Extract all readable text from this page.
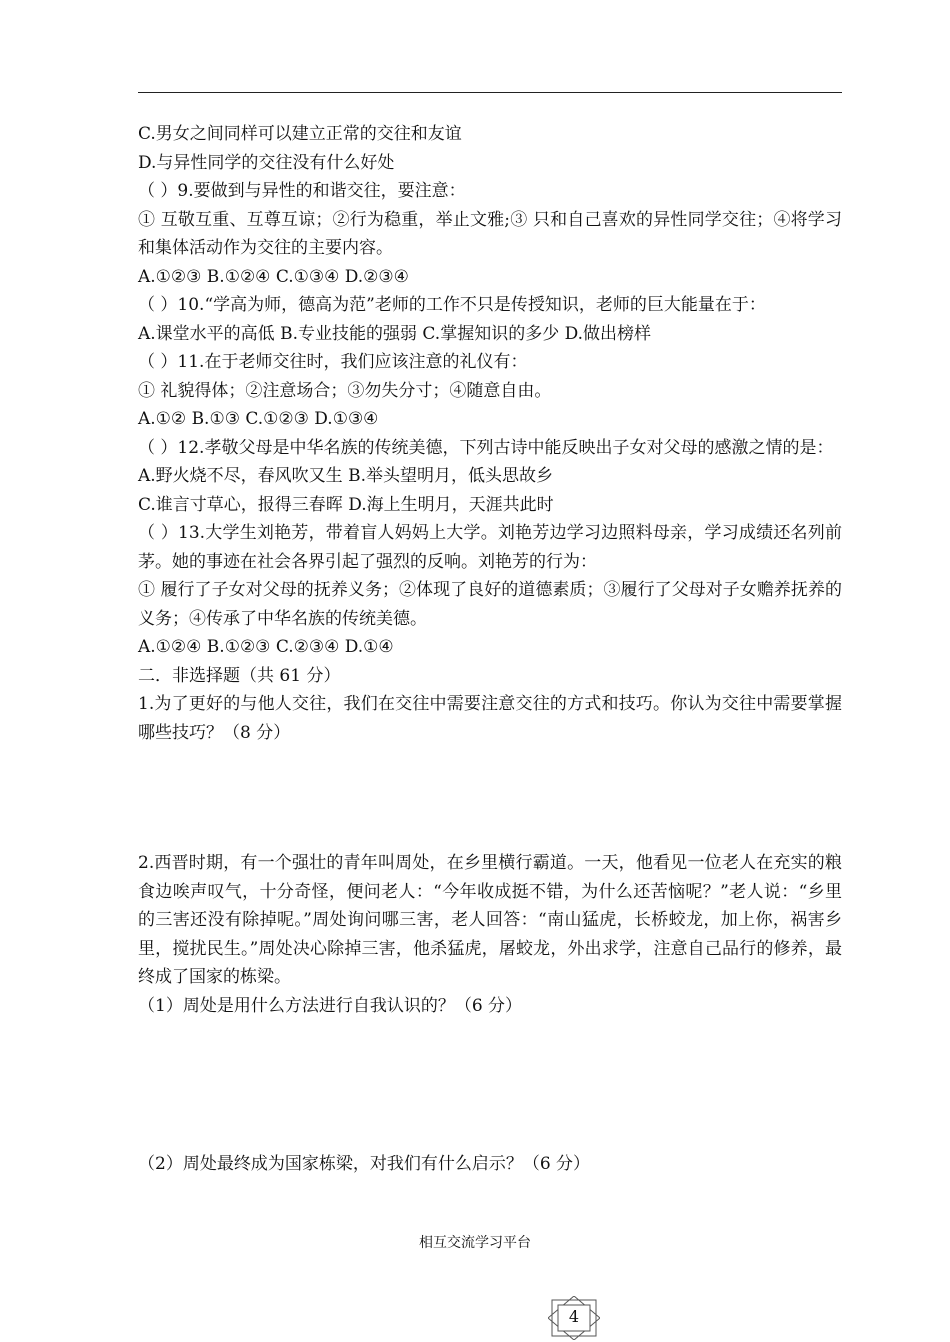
C.男女之间同样可以建立正常的交往和友谊

D.与异性同学的交往没有什么好处

（ ）9.要做到与异性的和谐交往，要注意：

① 互敬互重、互尊互谅；②行为稳重，举止文雅;③ 只和自己喜欢的异性同学交往；④将学习和集体活动作为交往的主要内容。

A.①②③ B.①②④ C.①③④ D.②③④

（ ）10.“学高为师，德高为范”老师的工作不只是传授知识，老师的巨大能量在于：

A.课堂水平的高低 B.专业技能的强弱 C.掌握知识的多少 D.做出榜样

（ ）11.在于老师交往时，我们应该注意的礼仪有：

① 礼貌得体；②注意场合；③勿失分寸；④随意自由。

A.①② B.①③ C.①②③ D.①③④

（ ）12.孝敬父母是中华名族的传统美德，下列古诗中能反映出子女对父母的感激之情的是：

A.野火烧不尽，春风吹又生 B.举头望明月，低头思故乡

C.谁言寸草心，报得三春晖 D.海上生明月，天涯共此时

（ ）13.大学生刘艳芳，带着盲人妈妈上大学。刘艳芳边学习边照料母亲，学习成绩还名列前茅。她的事迹在社会各界引起了强烈的反响。刘艳芳的行为：

① 履行了子女对父母的抚养义务；②体现了良好的道德素质；③履行了父母对子女赡养抚养的义务；④传承了中华名族的传统美德。

A.①②④ B.①②③ C.②③④ D.①④

二．非选择题（共 61 分）

1.为了更好的与他人交往，我们在交往中需要注意交往的方式和技巧。你认为交往中需要掌握哪些技巧？（8 分）

2.西晋时期，有一个强壮的青年叫周处，在乡里横行霸道。一天，他看见一位老人在充实的粮食边唉声叹气，十分奇怪，便问老人：“今年收成挺不错，为什么还苦恼呢？”老人说：“乡里的三害还没有除掉呢。”周处询问哪三害，老人回答：“南山猛虎，长桥蛟龙，加上你，祸害乡里，搅扰民生。”周处决心除掉三害，他杀猛虎，屠蛟龙，外出求学，注意自己品行的修养，最终成了国家的栋梁。

（1）周处是用什么方法进行自我认识的？（6 分）

（2）周处最终成为国家栋梁，对我们有什么启示？（6 分）

相互交流学习平台
4
